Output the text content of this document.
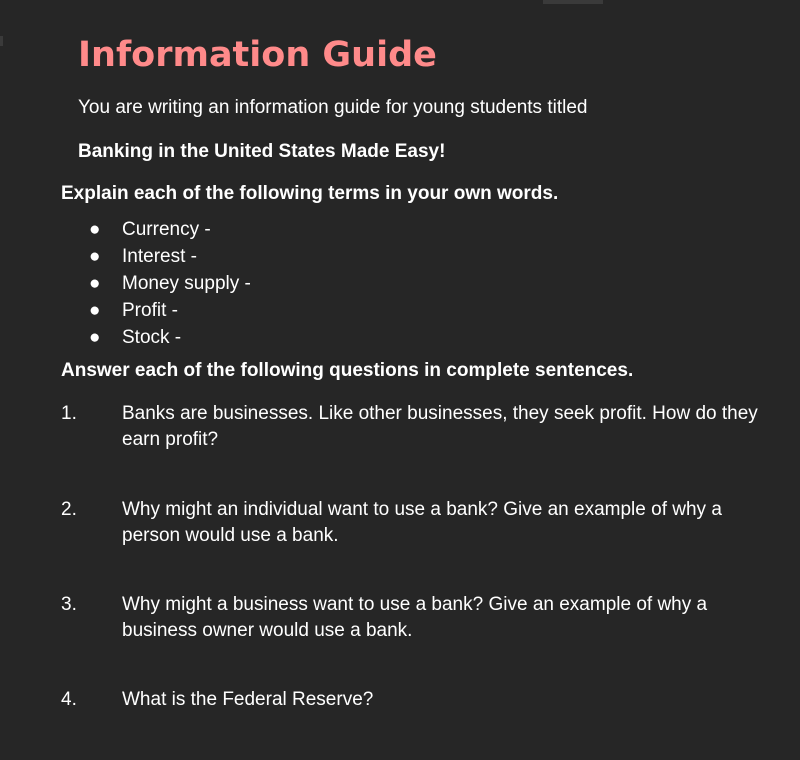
Information Guide
You are writing an information guide for young students titled
Banking in the United States Made Easy!
Explain each of the following terms in your own words.
● Currency -
● Interest -
● Money supply -
● Profit -
● Stock -
Answer each of the following questions in complete sentences.
1. Banks are businesses. Like other businesses, they seek profit. How do they earn profit?
2. Why might an individual want to use a bank? Give an example of why a person would use a bank.
3. Why might a business want to use a bank? Give an example of why a business owner would use a bank.
4. What is the Federal Reserve?
